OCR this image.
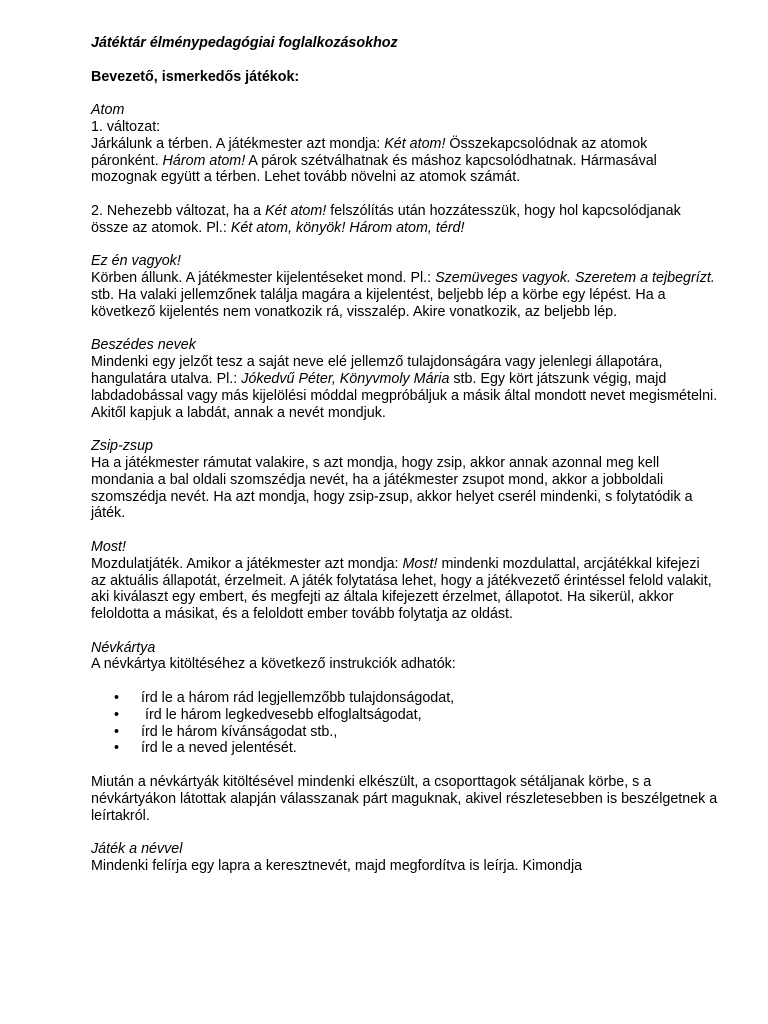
Játéktár élménypedagógiai foglalkozásokhoz

Bevezető, ismerkedős játékok:

Atom

1. változat:

Járkálunk a térben. A játékmester azt mondja: Két atom! Összekapcsolódnak az atomok páronként. Három atom! A párok szétválhatnak és máshoz kapcsolódhatnak. Hármasával mozognak együtt a térben. Lehet tovább növelni az atomok számát.

2. Nehezebb változat, ha a Két atom! felszólítás után hozzátesszük, hogy hol kapcsolódjanak össze az atomok. Pl.: Két atom, könyök! Három atom, térd!

Ez én vagyok!

Körben állunk. A játékmester kijelentéseket mond. Pl.: Szemüveges vagyok. Szeretem a tejbegrízt. stb. Ha valaki jellemzőnek találja magára a kijelentést, beljebb lép a körbe egy lépést. Ha a következő kijelentés nem vonatkozik rá, visszalép. Akire vonatkozik, az beljebb lép.

Beszédes nevek

Mindenki egy jelzőt tesz a saját neve elé jellemző tulajdonságára vagy jelenlegi állapotára, hangulatára utalva. Pl.: Jókedvű Péter, Könyvmoly Mária stb. Egy kört játszunk végig, majd labdadobással vagy más kijelölési móddal megpróbáljuk a másik által mondott nevet megismételni. Akitől kapjuk a labdát, annak a nevét mondjuk.

Zsip-zsup

Ha a játékmester rámutat valakire, s azt mondja, hogy zsip, akkor annak azonnal meg kell mondania a bal oldali szomszédja nevét, ha a játékmester zsupot mond, akkor a jobboldali szomszédja nevét. Ha azt mondja, hogy zsip-zsup, akkor helyet cserél mindenki, s folytatódik a játék.

Most!

Mozdulatjáték. Amikor a játékmester azt mondja: Most! mindenki mozdulattal, arcjátékkal kifejezi az aktuális állapotát, érzelmeit. A játék folytatása lehet, hogy a játékvezető érintéssel felold valakit, aki kiválaszt egy embert, és megfejti az általa kifejezett érzelmet, állapotot. Ha sikerül, akkor feloldotta a másikat, és a feloldott ember tovább folytatja az oldást.

Névkártya

A névkártya kitöltéséhez a következő instrukciók adhatók:

• írd le a három rád legjellemzőbb tulajdonságodat,
• írd le három legkedvesebb elfoglaltságodat,
• írd le három kívánságodat stb.,
• írd le a neved jelentését.

Miután a névkártyák kitöltésével mindenki elkészült, a csoporttagok sétáljanak körbe, s a névkártyákon látottak alapján válasszanak párt maguknak, akivel részletesebben is beszélgetnek a leírtakról.

Játék a névvel

Mindenki felírja egy lapra a keresztnevét, majd megfordítva is leírja. Kimondja
